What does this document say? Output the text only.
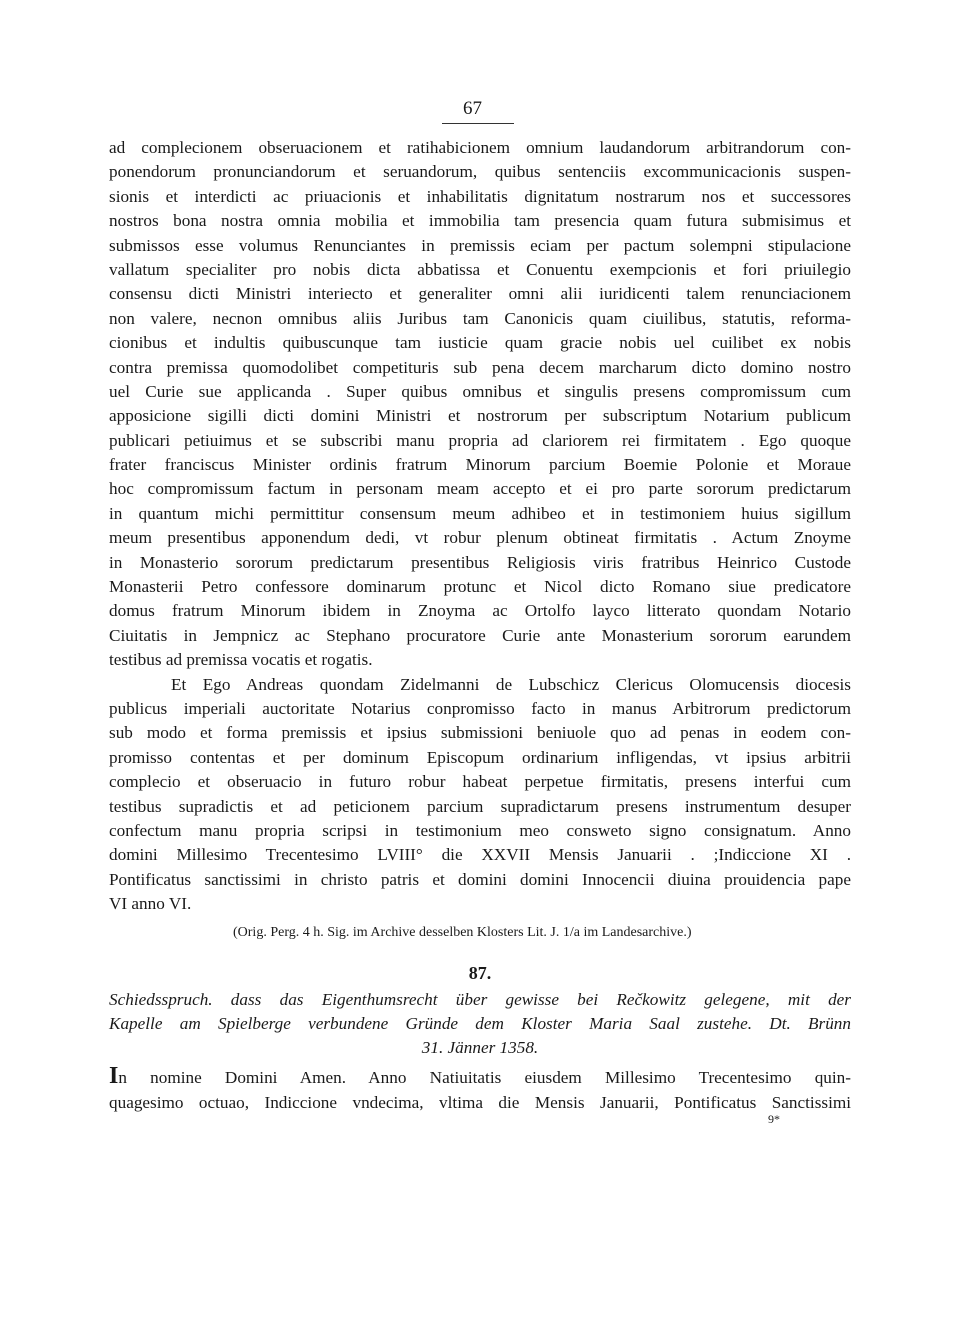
67
ad complecionem obseruacionem et ratihabicionem omnium laudandorum arbitrandorum con-
ponendorum pronunciandorum et seruandorum, quibus sentenciis excommunicacionis suspen-
sionis et interdicti ac priuacionis et inhabilitatis dignitatum nostrarum nos et successores
nostros bona nostra omnia mobilia et immobilia tam presencia quam futura submisimus et
submissos esse volumus Renunciantes in premissis eciam per pactum solempni stipulacione
vallatum specialiter pro nobis dicta abbatissa et Conuentu exempcionis et fori priuilegio
consensu dicti Ministri interiecto et generaliter omni alii iuridicenti talem renunciacionem
non valere, necnon omnibus aliis Juribus tam Canonicis quam ciuilibus, statutis, reforma-
cionibus et indultis quibuscunque tam iusticie quam gracie nobis uel cuilibet ex nobis
contra premissa quomodolibet competituris sub pena decem marcharum dicto domino nostro
uel Curie sue applicanda . Super quibus omnibus et singulis presens compromissum cum
apposicione sigilli dicti domini Ministri et nostrorum per subscriptum Notarium publicum
publicari petiuimus et se subscribi manu propria ad clariorem rei firmitatem . Ego quoque
frater franciscus Minister ordinis fratrum Minorum parcium Boemie Polonie et Moraue
hoc compromissum factum in personam meam accepto et ei pro parte sororum predictarum
in quantum michi permittitur consensum meum adhibeo et in testimoniem huius sigillum
meum presentibus apponendum dedi, vt robur plenum obtineat firmitatis . Actum Znoyme
in Monasterio sororum predictarum presentibus Religiosis viris fratribus Heinrico Custode
Monasterii Petro confessore dominarum protunc et Nicol dicto Romano siue predicatore
domus fratrum Minorum ibidem in Znoyma ac Ortolfo layco litterato quondam Notario
Ciuitatis in Jempnicz ac Stephano procuratore Curie ante Monasterium sororum earundem
testibus ad premissa vocatis et rogatis.
Et Ego Andreas quondam Zidelmanni de Lubschicz Clericus Olomucensis diocesis
publicus imperiali auctoritate Notarius conpromisso facto in manus Arbitrorum predictorum
sub modo et forma premissis et ipsius submissioni beniuole quo ad penas in eodem con-
promisso contentas et per dominum Episcopum ordinarium infligendas, vt ipsius arbitrii
complecio et obseruacio in futuro robur habeat perpetue firmitatis, presens interfui cum
testibus supradictis et ad peticionem parcium supradictarum presens instrumentum desuper
confectum manu propria scripsi in testimonium meo consweto signo consignatum. Anno
domini Millesimo Trecentesimo LVIII° die XXVII Mensis Januarii . ;Indiccione XI .
Pontificatus sanctissimi in christo patris et domini domini Innocencii diuina prouidencia pape
VI anno VI.
(Orig. Perg. 4 h. Sig. im Archive desselben Klosters Lit. J. 1/a im Landesarchive.)
87.
Schiedsspruch. dass das Eigenthumsrecht über gewisse bei Rečkowitz gelegene, mit der
Kapelle am Spielberge verbundene Gründe dem Kloster Maria Saal zustehe. Dt. Brünn
31. Jänner 1358.
In nomine Domini Amen. Anno Natiuitatis eiusdem Millesimo Trecentesimo quin-
quagesimo octuao, Indiccione vndecima, vltima die Mensis Januarii, Pontificatus Sanctissimi
9*
